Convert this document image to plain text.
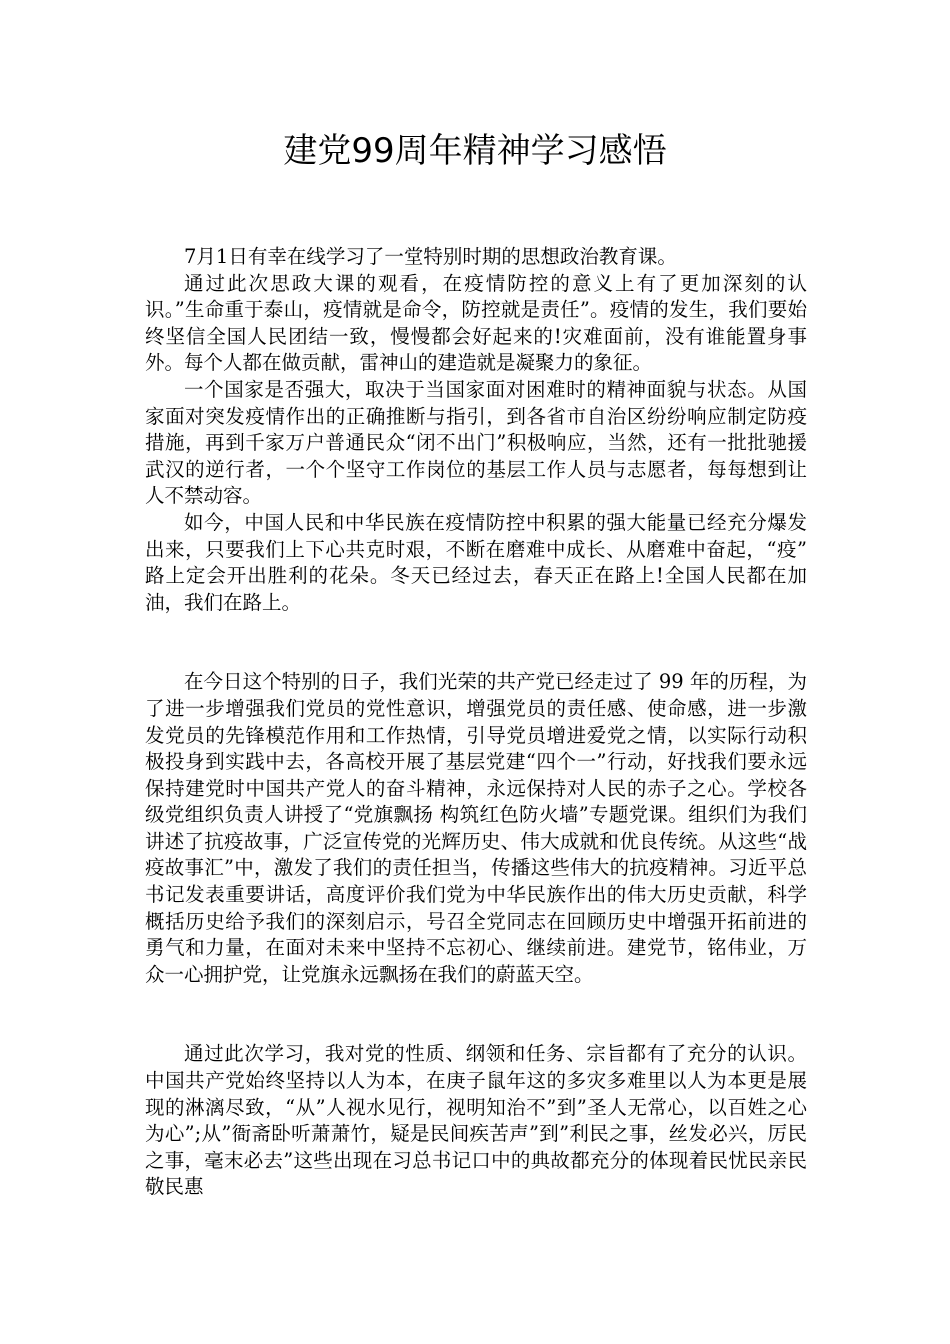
建党99周年精神学习感悟

7月1日有幸在线学习了一堂特别时期的思想政治教育课。

通过此次思政大课的观看，在疫情防控的意义上有了更加深刻的认识。”生命重于泰山，疫情就是命令，防控就是责任”。疫情的发生，我们要始终坚信全国人民团结一致，慢慢都会好起来的!灾难面前，没有谁能置身事外。每个人都在做贡献，雷神山的建造就是凝聚力的象征。

一个国家是否强大，取决于当国家面对困难时的精神面貌与状态。从国家面对突发疫情作出的正确推断与指引，到各省市自治区纷纷响应制定防疫措施，再到千家万户普通民众“闭不出门”积极响应，当然，还有一批批驰援武汉的逆行者，一个个坚守工作岗位的基层工作人员与志愿者，每每想到让人不禁动容。

如今，中国人民和中华民族在疫情防控中积累的强大能量已经充分爆发出来，只要我们上下心共克时艰，不断在磨难中成长、从磨难中奋起，“疫” 路上定会开出胜利的花朵。冬天已经过去，春天正在路上!全国人民都在加油，我们在路上。

在今日这个特别的日子，我们光荣的共产党已经走过了 99 年的历程，为了进一步增强我们党员的党性意识，增强党员的责任感、使命感，进一步激发党员的先锋模范作用和工作热情，引导党员增进爱党之情，以实际行动积极投身到实践中去，各高校开展了基层党建“四个一”行动，好找我们要永远保持建党时中国共产党人的奋斗精神，永远保持对人民的赤子之心。学校各级党组织负责人讲授了“党旗飘扬 构筑红色防火墙”专题党课。组织们为我们讲述了抗疫故事，广泛宣传党的光辉历史、伟大成就和优良传统。从这些“战疫故事汇”中，激发了我们的责任担当，传播这些伟大的抗疫精神。习近平总书记发表重要讲话，高度评价我们党为中华民族作出的伟大历史贡献，科学概括历史给予我们的深刻启示，号召全党同志在回顾历史中增强开拓前进的勇气和力量，在面对未来中坚持不忘初心、继续前进。建党节，铭伟业，万众一心拥护党，让党旗永远飘扬在我们的蔚蓝天空。

通过此次学习，我对党的性质、纲领和任务、宗旨都有了充分的认识。中国共产党始终坚持以人为本，在庚子鼠年这的多灾多难里以人为本更是展现的淋漓尽致，“从”人视水见行，视明知治不”到”圣人无常心，以百姓之心为心”;从”衙斋卧听萧萧竹，疑是民间疾苦声”到”利民之事，丝发必兴，厉民之事，毫末必去”这些出现在习总书记口中的典故都充分的体现着民忧民亲民敬民惠
